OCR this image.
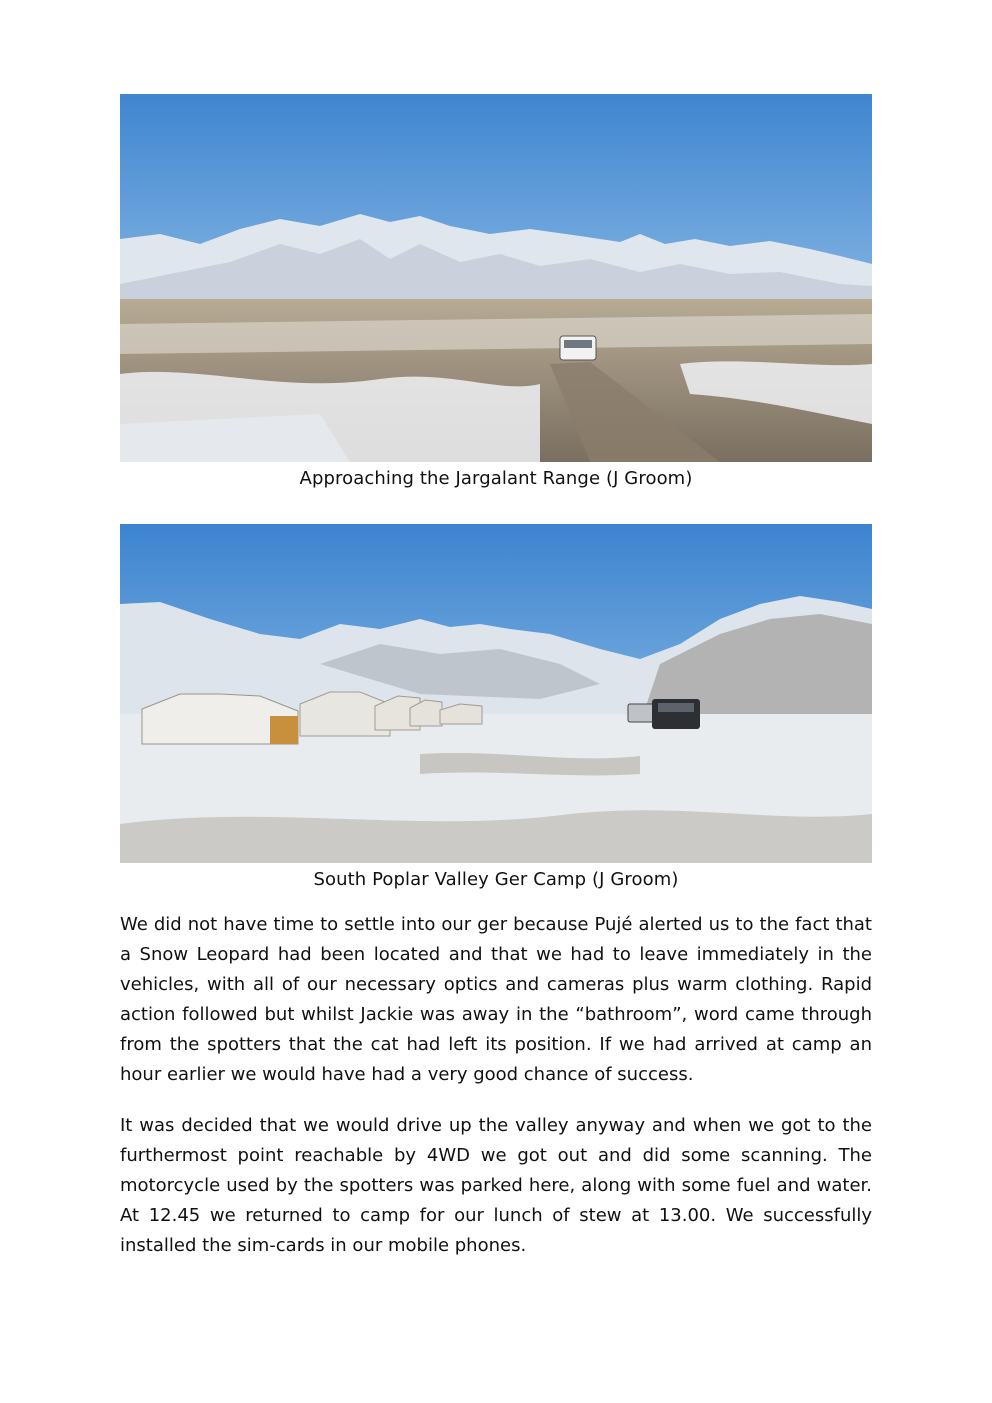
Approaching the Jargalant Range (J Groom)
South Poplar Valley Ger Camp (J Groom)

We did not have time to settle into our ger because Pujé alerted us to the fact that a Snow Leopard had been located and that we had to leave immediately in the vehicles, with all of our necessary optics and cameras plus warm clothing. Rapid action followed but whilst Jackie was away in the “bathroom”, word came through from the spotters that the cat had left its position. If we had arrived at camp an hour earlier we would have had a very good chance of success.

It was decided that we would drive up the valley anyway and when we got to the furthermost point reachable by 4WD we got out and did some scanning. The motorcycle used by the spotters was parked here, along with some fuel and water. At 12.45 we returned to camp for our lunch of stew at 13.00. We successfully installed the sim-cards in our mobile phones.
